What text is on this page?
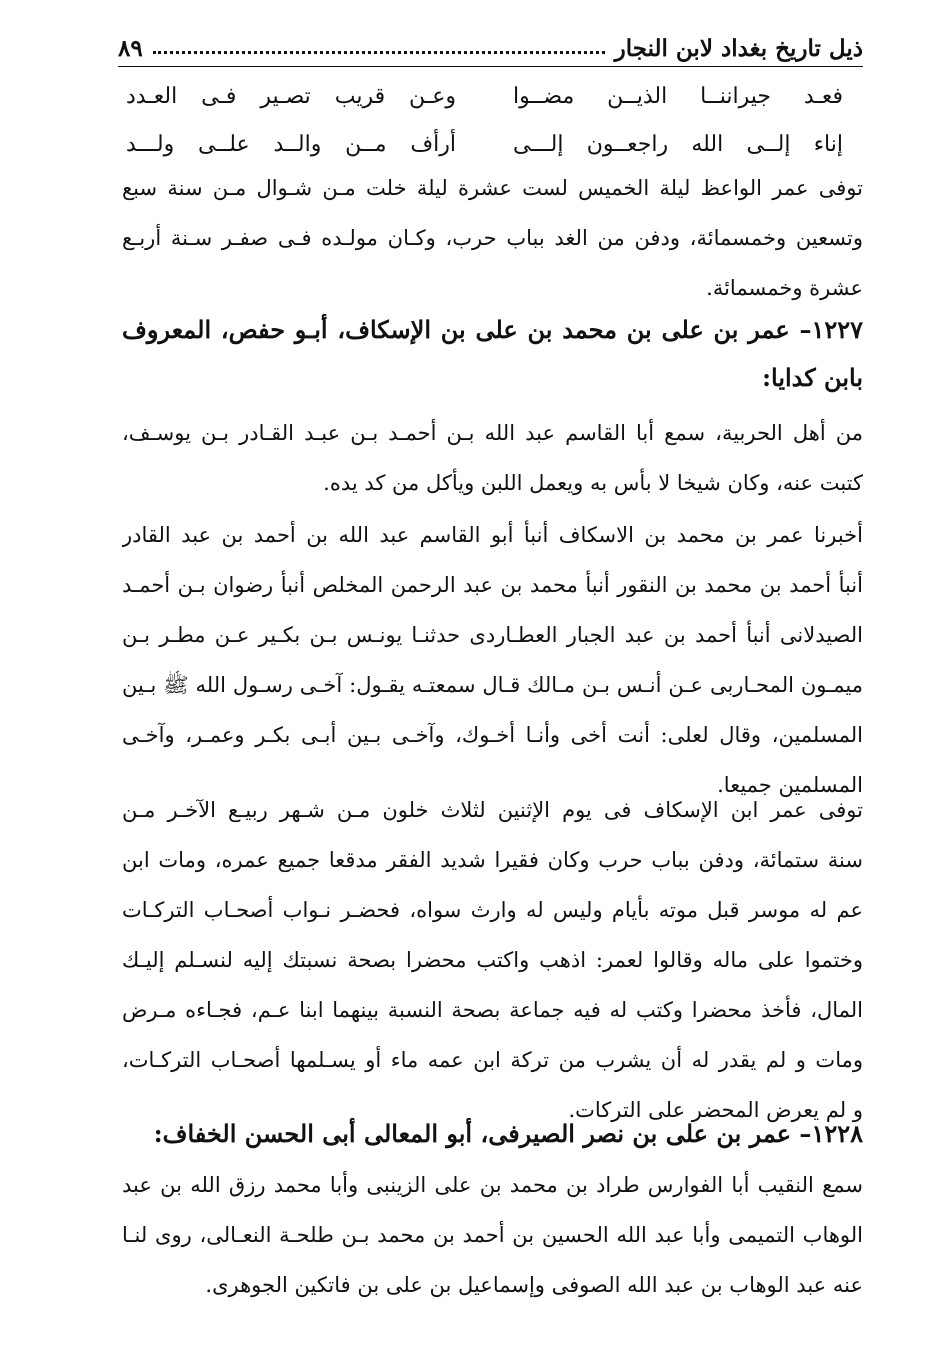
ذيل تاريخ بغداد لابن النجار
٨٩
فعـد جيراننــا الذيــن مضــوا
وعـن قريب تصـير فـى العـدد
إناء إلــى الله راجعــون إلـــى
أرأف مــن والــد علــى ولـــد
توفى عمر الواعظ ليلة الخميس لست عشرة ليلة خلت مـن شـوال مـن سنة سبع
وتسعين وخمسمائة، ودفن من الغد بباب حرب، وكـان مولـده فـى صفـر سـنة أربـع
عشرة وخمسمائة.
١٢٢٧– عمر بن على بن محمد بن على بن الإسكاف، أبـو حفص، المعروف
بابن كدايا:
من أهل الحربية، سمع أبا القاسم عبد الله بـن أحمـد بـن عبـد القـادر بـن يوسـف،
كتبت عنه، وكان شيخا لا بأس به ويعمل اللبن ويأكل من كد يده.
أخبرنا عمر بن محمد بن الاسكاف أنبأ أبو القاسم عبد الله بن أحمد بن عبد القادر
أنبأ أحمد بن محمد بن النقور أنبأ محمد بن عبد الرحمن المخلص أنبأ رضوان بـن أحمـد
الصيدلانى أنبأ أحمد بن عبد الجبار العطـاردى حدثنـا يونـس بـن بكـير عـن مطـر بـن
ميمـون المحـاربى عـن أنـس بـن مـالك قـال سمعتـه يقـول: آخـى رسـول الله ﷺ بـين
المسلمين، وقال لعلى: أنت أخى وأنـا أخـوك، وآخـى بـين أبـى بكـر وعمـر، وآخـى
المسلمين جميعا.
توفى عمر ابن الإسكاف فى يوم الإثنين لثلاث خلون مـن شـهر ربيـع الآخـر مـن
سنة ستمائة، ودفن بباب حرب وكان فقيرا شديد الفقر مدقعا جميع عمره، ومات ابن
عم له موسر قبل موته بأيام وليس له وارث سواه، فحضـر نـواب أصحـاب التركـات
وختموا على ماله وقالوا لعمر: اذهب واكتب محضرا بصحة نسبتك إليه لنسـلم إليـك
المال، فأخذ محضرا وكتب له فيه جماعة بصحة النسبة بينهما ابنا عـم، فجـاءه مـرض
ومات و لم يقدر له أن يشرب من تركة ابن عمه ماء أو يسـلمها أصحـاب التركـات،
و لم يعرض المحضر على التركات.
١٢٢٨– عمر بن على بن نصر الصيرفى، أبو المعالى أبى الحسن الخفاف:
سمع النقيب أبا الفوارس طراد بن محمد بن على الزينبى وأبا محمد رزق الله بن عبد
الوهاب التميمى وأبا عبد الله الحسين بن أحمد بن محمد بـن طلحـة النعـالى، روى لنـا
عنه عبد الوهاب بن عبد الله الصوفى وإسماعيل بن على بن فاتكين الجوهرى.
